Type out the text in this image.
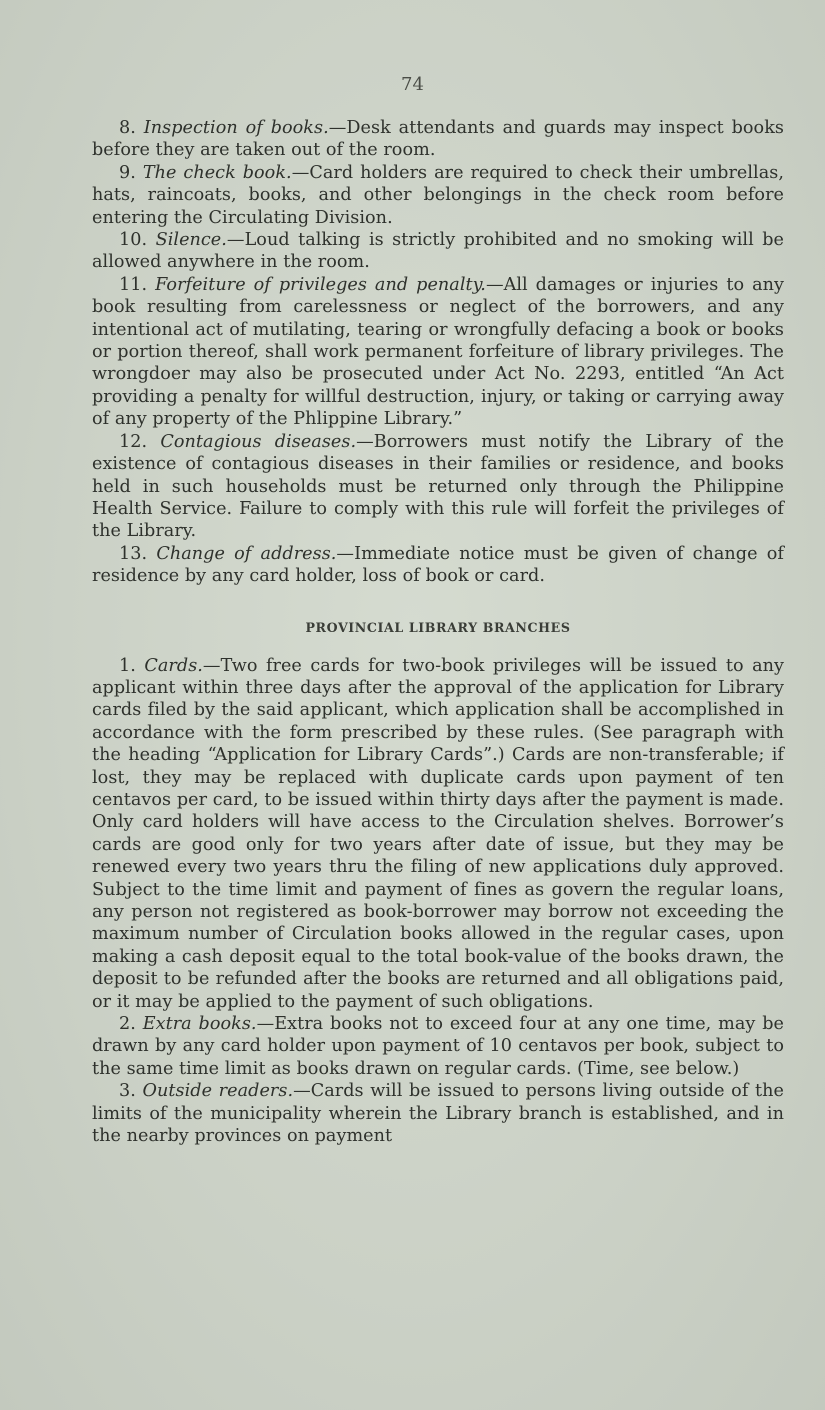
74

8. Inspection of books.—Desk attendants and guards may inspect books before they are taken out of the room.

9. The check book.—Card holders are required to check their umbrellas, hats, raincoats, books, and other belongings in the check room before entering the Circulating Division.

10. Silence.—Loud talking is strictly prohibited and no smoking will be allowed anywhere in the room.

11. Forfeiture of privileges and penalty.—All damages or injuries to any book resulting from carelessness or neglect of the borrowers, and any intentional act of mutilating, tearing or wrongfully defacing a book or books or portion thereof, shall work permanent forfeiture of library privileges. The wrongdoer may also be prosecuted under Act No. 2293, entitled “An Act providing a penalty for willful destruction, injury, or taking or carrying away of any property of the Phlippine Library.”

12. Contagious diseases.—Borrowers must notify the Library of the existence of contagious diseases in their families or residence, and books held in such households must be returned only through the Philippine Health Service. Failure to comply with this rule will forfeit the privileges of the Library.

13. Change of address.—Immediate notice must be given of change of residence by any card holder, loss of book or card.

PROVINCIAL LIBRARY BRANCHES

1. Cards.—Two free cards for two-book privileges will be issued to any applicant within three days after the approval of the application for Library cards filed by the said applicant, which application shall be accomplished in accordance with the form prescribed by these rules. (See paragraph with the heading “Application for Library Cards”.) Cards are non-transferable; if lost, they may be replaced with duplicate cards upon payment of ten centavos per card, to be issued within thirty days after the payment is made. Only card holders will have access to the Circulation shelves. Borrower’s cards are good only for two years after date of issue, but they may be renewed every two years thru the filing of new applications duly approved. Subject to the time limit and payment of fines as govern the regular loans, any person not registered as book-borrower may borrow not exceeding the maximum number of Circulation books allowed in the regular cases, upon making a cash deposit equal to the total book-value of the books drawn, the deposit to be refunded after the books are returned and all obligations paid, or it may be applied to the payment of such obligations.

2. Extra books.—Extra books not to exceed four at any one time, may be drawn by any card holder upon payment of 10 centavos per book, subject to the same time limit as books drawn on regular cards. (Time, see below.)

3. Outside readers.—Cards will be issued to persons living outside of the limits of the municipality wherein the Library branch is established, and in the nearby provinces on payment
